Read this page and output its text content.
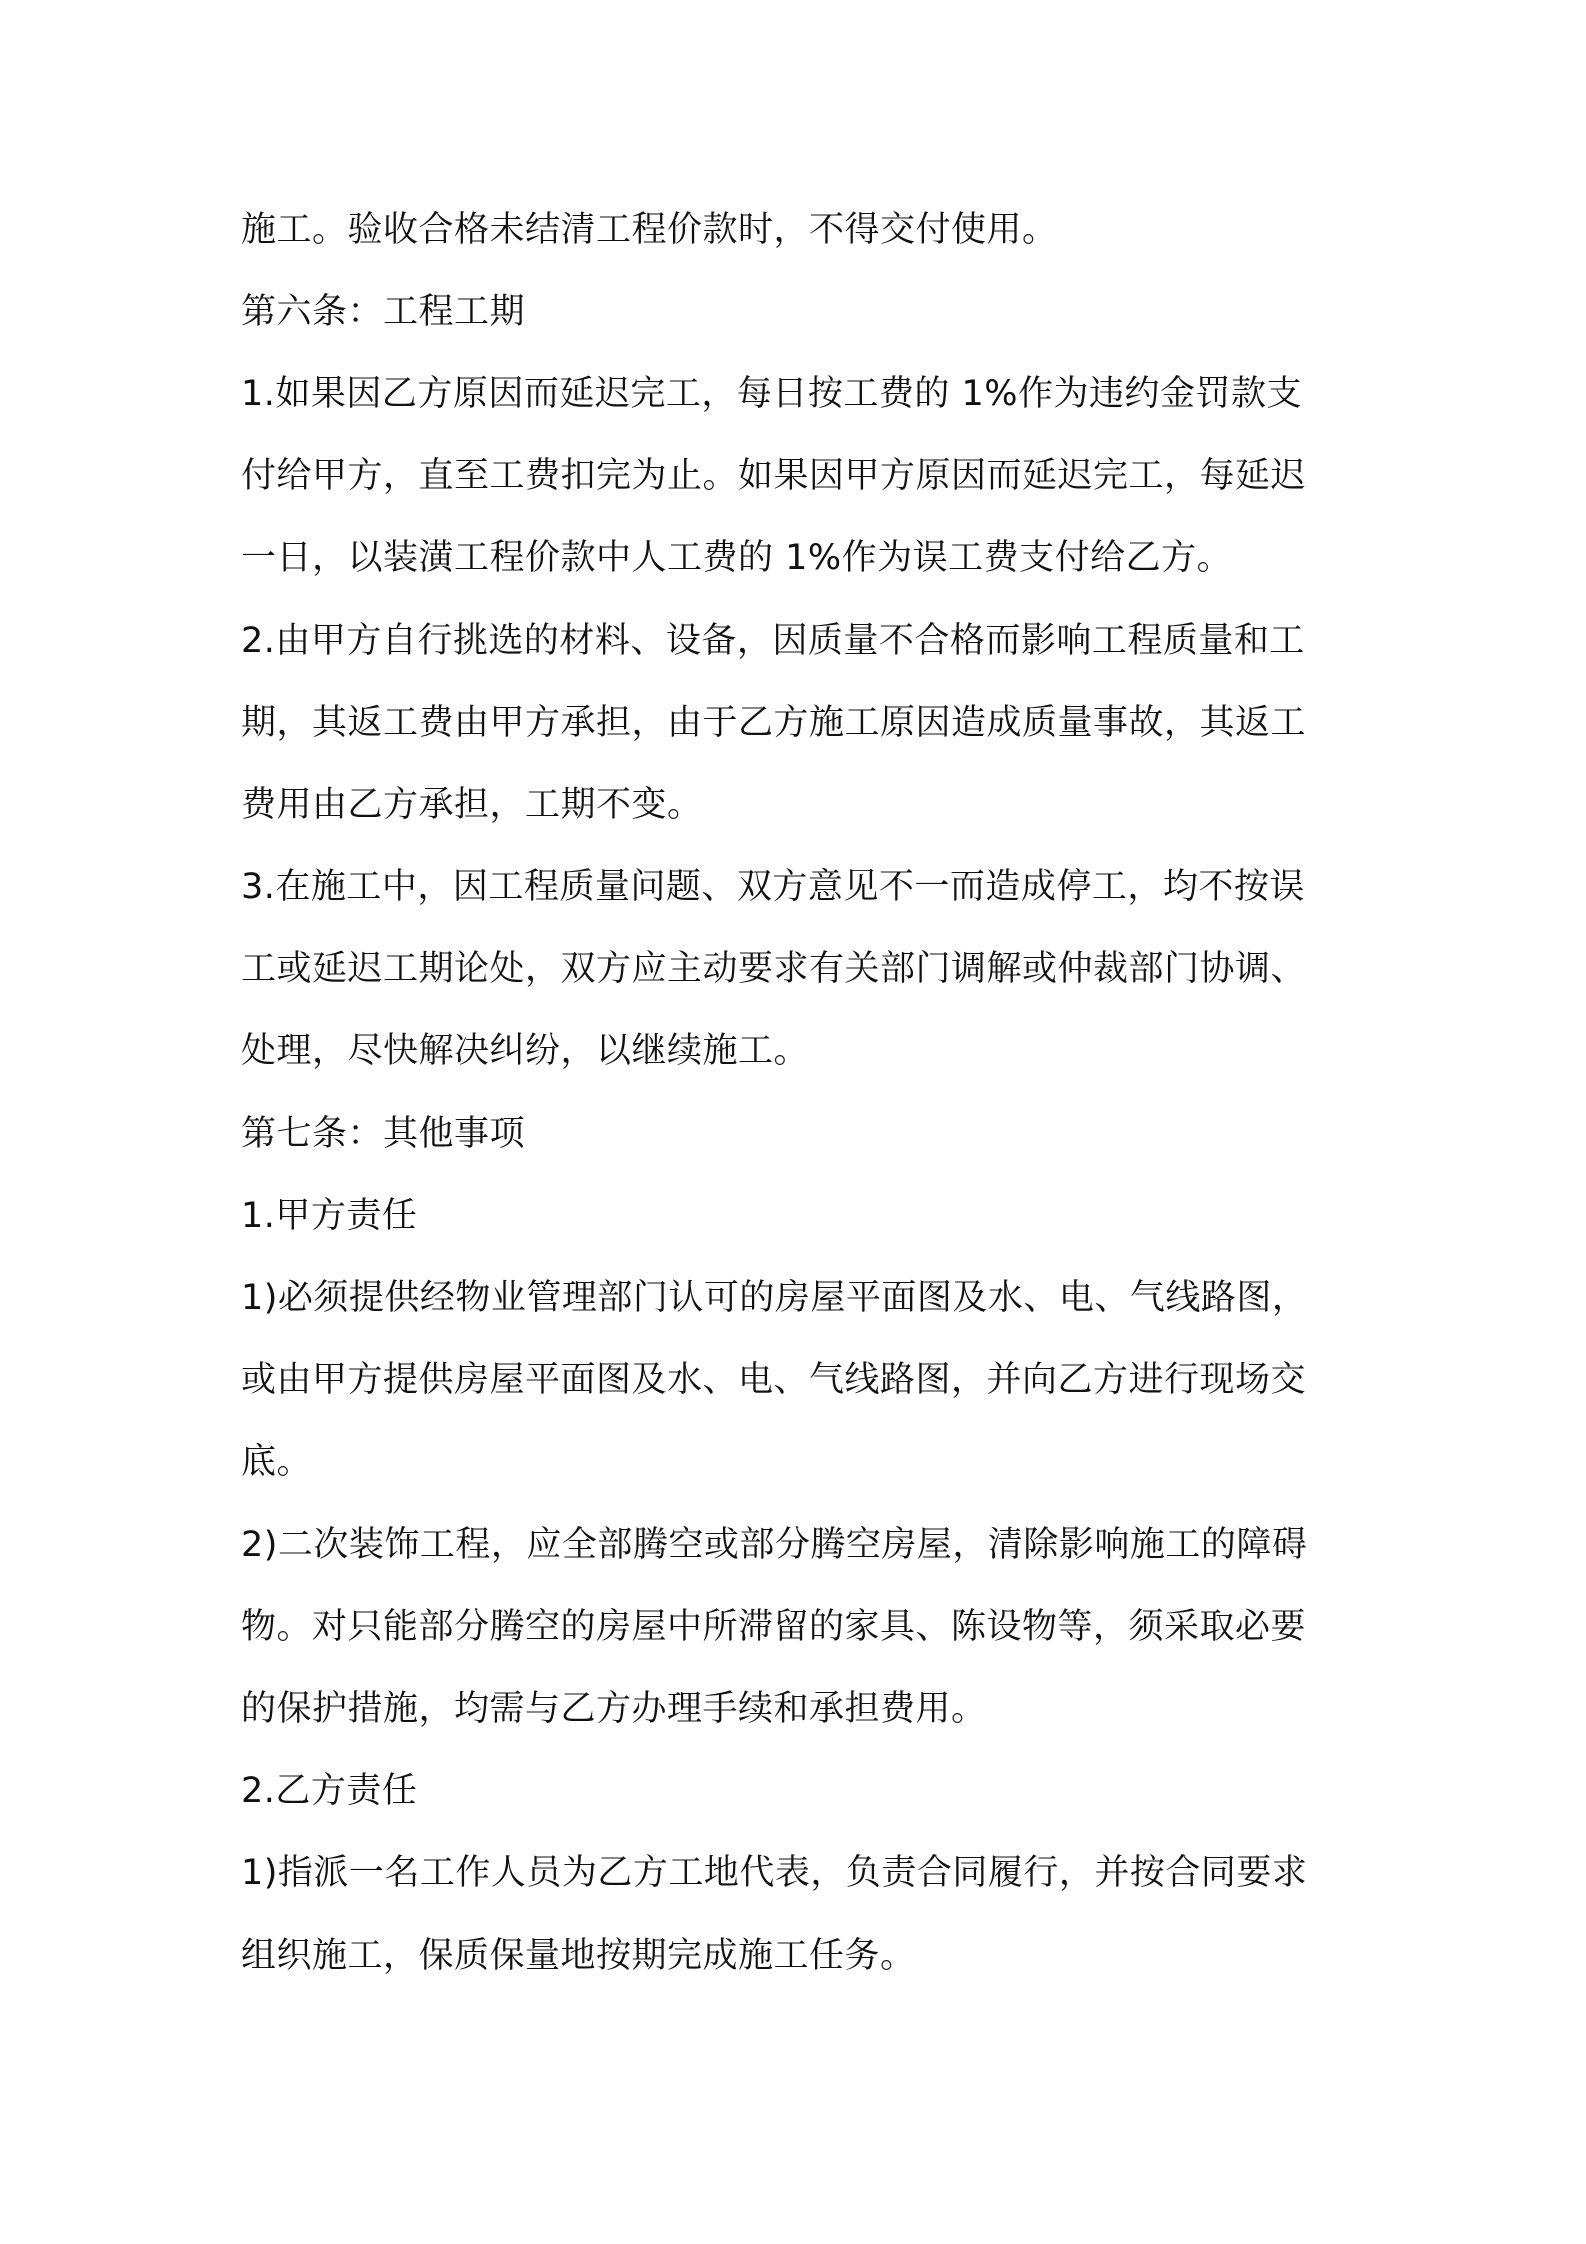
施工。验收合格未结清工程价款时，不得交付使用。
第六条：工程工期
1.如果因乙方原因而延迟完工，每日按工费的 1%作为违约金罚款支
付给甲方，直至工费扣完为止。如果因甲方原因而延迟完工，每延迟
一日，以装潢工程价款中人工费的 1%作为误工费支付给乙方。
2.由甲方自行挑选的材料、设备，因质量不合格而影响工程质量和工
期，其返工费由甲方承担，由于乙方施工原因造成质量事故，其返工
费用由乙方承担，工期不变。
3.在施工中，因工程质量问题、双方意见不一而造成停工，均不按误
工或延迟工期论处，双方应主动要求有关部门调解或仲裁部门协调、
处理，尽快解决纠纷，以继续施工。
第七条：其他事项
1.甲方责任
1)必须提供经物业管理部门认可的房屋平面图及水、电、气线路图，
或由甲方提供房屋平面图及水、电、气线路图，并向乙方进行现场交
底。
2)二次装饰工程，应全部腾空或部分腾空房屋，清除影响施工的障碍
物。对只能部分腾空的房屋中所滞留的家具、陈设物等，须采取必要
的保护措施，均需与乙方办理手续和承担费用。
2.乙方责任
1)指派一名工作人员为乙方工地代表，负责合同履行，并按合同要求
组织施工，保质保量地按期完成施工任务。
